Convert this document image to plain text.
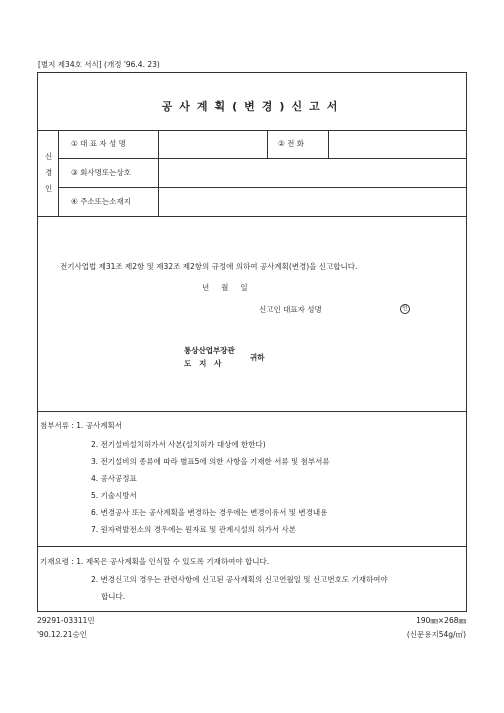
[별지 제34호 서식] (개정 '96.4. 23)
공사계획(변경)신고서
신
경
인
① 대 표 자 성 명	② 전 화
③ 회사명또는상호
④ 주소또는소재지
전기사업법 제31조 제2항 및 제32조 제2항의 규정에 의하여 공사계획(변경)을 신고합니다.
년     월     일
신고인 대표자 성명	인
통상산업부장관
도   지   사
귀하
첨부서류 : 1. 공사계획서
2. 전기설비설치허가서 사본(설치허가 대상에 한한다)
3. 전기설비의 종류에 따라 별표5에 의한 사항을 기재한 서류 및 첨부서류
4. 공사공정표
5. 기술시방서
6. 변경공사 또는 공사계획을 변경하는 경우에는 변경이유서 및 변경내용
7. 원자력발전소의 경우에는 원자료 및 관계시설의 허가서 사본
기재요령 : 1. 제목은 공사계획을 인식할 수 있도록 기재하여야 합니다.
2. 변경신고의 경우는 관련사항에 신고된 공사계획의 신고연월일 및 신고번호도 기재하여야
합니다.
29291-03311민
'90.12.21승인
190㎜×268㎜
(신문용지54g/㎡)
